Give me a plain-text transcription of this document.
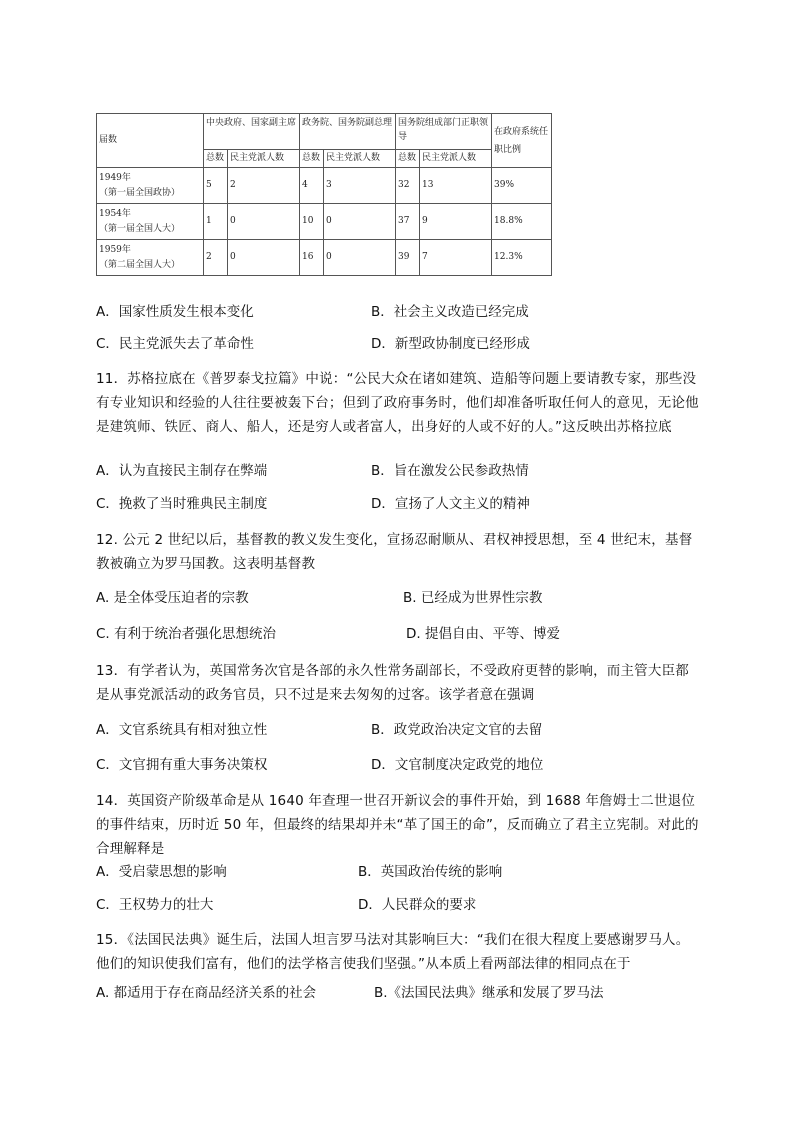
届数	中央政府、国家副主席		政务院、国务院副总理		国务院组成部门正职领导		在政府系统任职比例
	总数	民主党派人数	总数	民主党派人数	总数	民主党派人数	
1949年
（第一届全国政协）	5	2	4	3	32	13	39%
1954年
（第一届全国人大）	1	0	10	0	37	9	18.8%
1959年
（第二届全国人大）	2	0	16	0	39	7	12.3%
A．国家性质发生根本变化	B．社会主义改造已经完成
C．民主党派失去了革命性	D．新型政协制度已经形成
11．苏格拉底在《普罗泰戈拉篇》中说：“公民大众在诸如建筑、造船等问题上要请教专家，那些没有专业知识和经验的人往往要被轰下台；但到了政府事务时，他们却准备听取任何人的意见，无论他是建筑师、铁匠、商人、船人，还是穷人或者富人，出身好的人或不好的人。”这反映出苏格拉底
A．认为直接民主制存在弊端	B．旨在激发公民参政热情
C．挽救了当时雅典民主制度	D．宣扬了人文主义的精神
12. 公元 2 世纪以后，基督教的教义发生变化，宣扬忍耐顺从、君权神授思想，至 4 世纪末，基督教被确立为罗马国教。这表明基督教
A. 是全体受压迫者的宗教	B. 已经成为世界性宗教
C. 有利于统治者强化思想统治	D. 提倡自由、平等、博爱
13．有学者认为，英国常务次官是各部的永久性常务副部长，不受政府更替的影响，而主管大臣都是从事党派活动的政务官员，只不过是来去匆匆的过客。该学者意在强调
A．文官系统具有相对独立性	B．政党政治决定文官的去留
C．文官拥有重大事务决策权	D．文官制度决定政党的地位
14．英国资产阶级革命是从 1640 年查理一世召开新议会的事件开始，到 1688 年詹姆士二世退位的事件结束，历时近 50 年，但最终的结果却并未“革了国王的命”，反而确立了君主立宪制。对此的合理解释是
A．受启蒙思想的影响	B．英国政治传统的影响
C．王权势力的壮大	D．人民群众的要求
15．《法国民法典》诞生后，法国人坦言罗马法对其影响巨大：“我们在很大程度上要感谢罗马人。他们的知识使我们富有，他们的法学格言使我们坚强。”从本质上看两部法律的相同点在于
A. 都适用于存在商品经济关系的社会	B.《法国民法典》继承和发展了罗马法
